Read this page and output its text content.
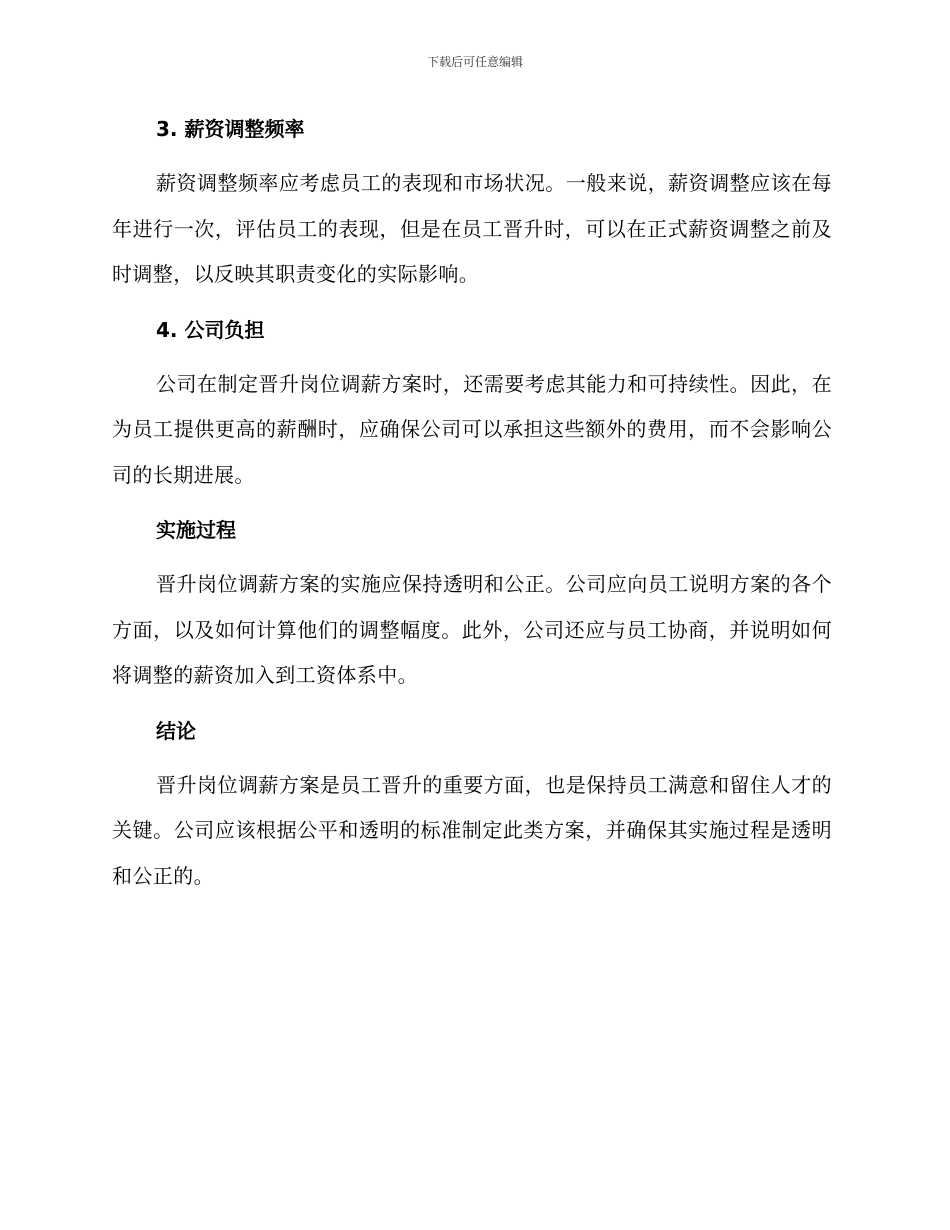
下载后可任意编辑
3. 薪资调整频率

薪资调整频率应考虑员工的表现和市场状况。一般来说，薪资调整应该在每年进行一次，评估员工的表现，但是在员工晋升时，可以在正式薪资调整之前及时调整，以反映其职责变化的实际影响。

4. 公司负担

公司在制定晋升岗位调薪方案时，还需要考虑其能力和可持续性。因此，在为员工提供更高的薪酬时，应确保公司可以承担这些额外的费用，而不会影响公司的长期进展。

实施过程

晋升岗位调薪方案的实施应保持透明和公正。公司应向员工说明方案的各个方面，以及如何计算他们的调整幅度。此外，公司还应与员工协商，并说明如何将调整的薪资加入到工资体系中。

结论

晋升岗位调薪方案是员工晋升的重要方面，也是保持员工满意和留住人才的关键。公司应该根据公平和透明的标准制定此类方案，并确保其实施过程是透明和公正的。
